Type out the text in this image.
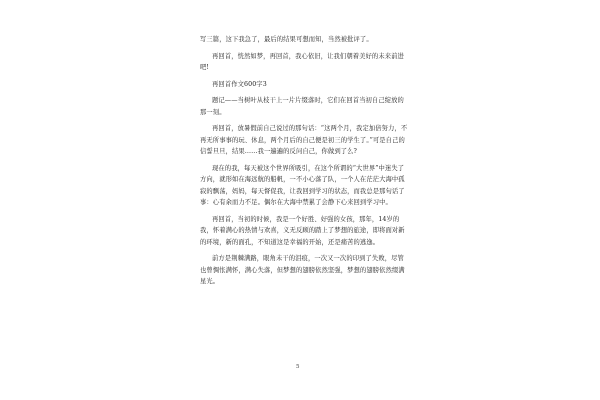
写三篇，这下我急了，最后的结果可想而知，当然被批评了。

再回首，恍然如梦，再回首，我心依旧，让我们朝着美好的未来前进吧!

再回首作文600字3

题记——当树叶从枝干上一片片缀落时，它们在回首当初自己绽放的那一刻。

再回首，放暑假前自己说过的那句话：“这两个月，我定加倍努力，不再无所事事的玩、休息，两个月后的自己便是初三的学生了。”可是自己的信誓旦旦，结果……我一遍遍的反问自己，你做到了么?

现在的我，每天被这个世界所吸引，在这个所谓的“大世界”中迷失了方向，就形如在海远航的船帆，一不小心落了队，一个人在茫茫大海中孤寂的飘荡，妈妈，每天督促我，让我回到学习的状态，而我总是那句话了事：心有余而力不足。偶尔在大海中禁累了会静下心来回到学习中。

再回首，当初的时候，我是一个好胜、好强的女孩，那年，14岁的我，怀着满心的热情与欢喜，义无反顾的踏上了梦想的旅途，即将面对新的环境，新的面孔，不知道这是幸福的开始，还是痛苦的逃逸。

前方是荆棘满路，眼角未干的泪痕，一次又一次的印到了失败，尽管也曾惆怅满怀，满心失落，但梦想的翅膀依然坚强，梦想的翅膀依然缀满星光。

5
